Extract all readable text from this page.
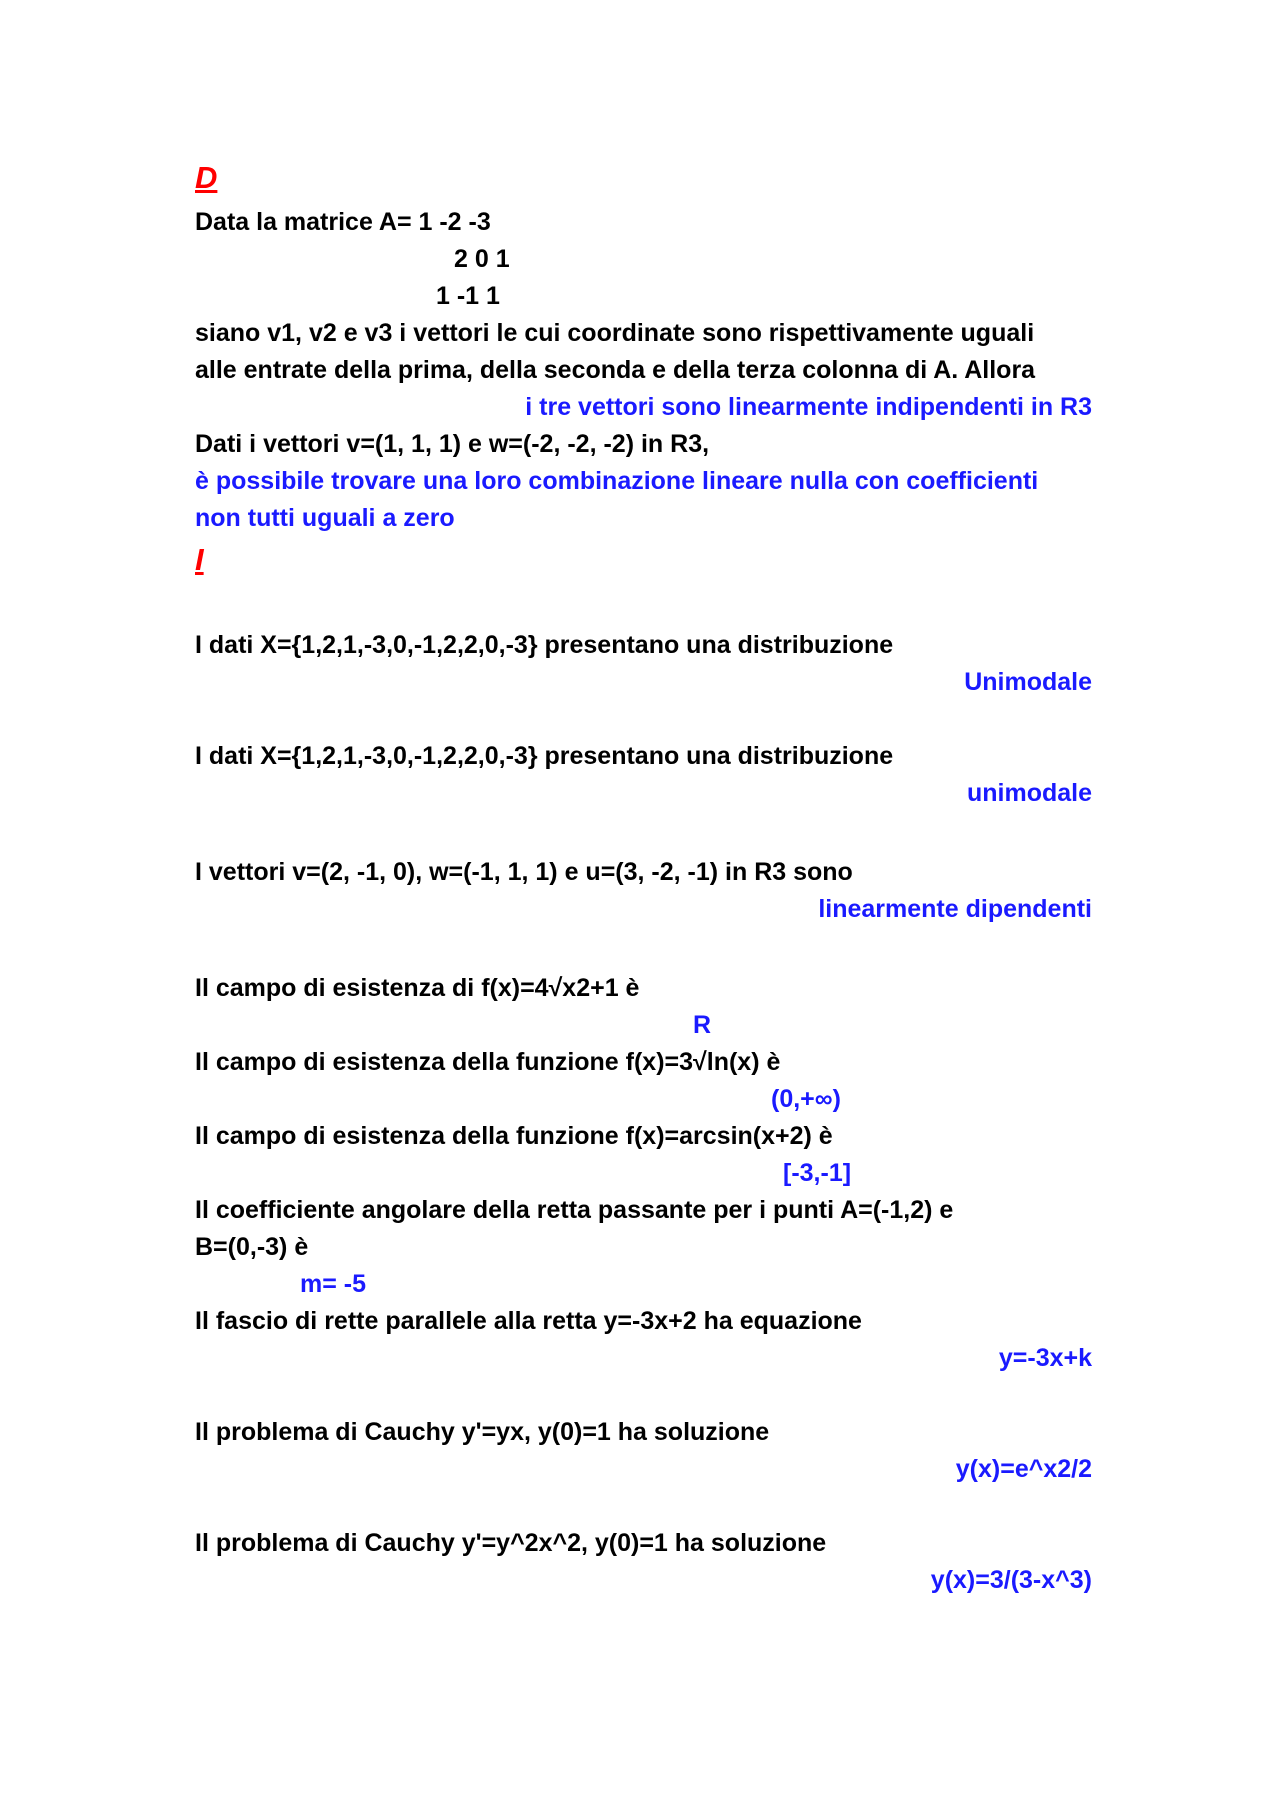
D
Data la matrice A= 1 -2 -3
2 0 1
1 -1 1
siano v1, v2 e v3 i vettori le cui coordinate sono rispettivamente uguali
alle entrate della prima, della seconda e della terza colonna di A. Allora
i tre vettori sono linearmente indipendenti in R3
Dati i vettori v=(1, 1, 1) e w=(-2, -2, -2) in R3,
è possibile trovare una loro combinazione lineare nulla con coefficienti
non tutti uguali a zero
I
I dati X={1,2,1,-3,0,-1,2,2,0,-3} presentano una distribuzione
Unimodale
I dati X={1,2,1,-3,0,-1,2,2,0,-3} presentano una distribuzione
unimodale
I vettori v=(2, -1, 0), w=(-1, 1, 1) e u=(3, -2, -1) in R3 sono
linearmente dipendenti
Il campo di esistenza di f(x)=4√x2+1 è
R
Il campo di esistenza della funzione f(x)=3√ln(x) è
(0,+∞)
Il campo di esistenza della funzione f(x)=arcsin(x+2) è
[-3,-1]
Il coefficiente angolare della retta passante per i punti A=(-1,2) e
B=(0,-3) è
m= -5
Il fascio di rette parallele alla retta y=-3x+2 ha equazione
y=-3x+k
Il problema di Cauchy y'=yx, y(0)=1 ha soluzione
y(x)=e^x2/2
Il problema di Cauchy y'=y^2x^2, y(0)=1 ha soluzione
y(x)=3/(3-x^3)
